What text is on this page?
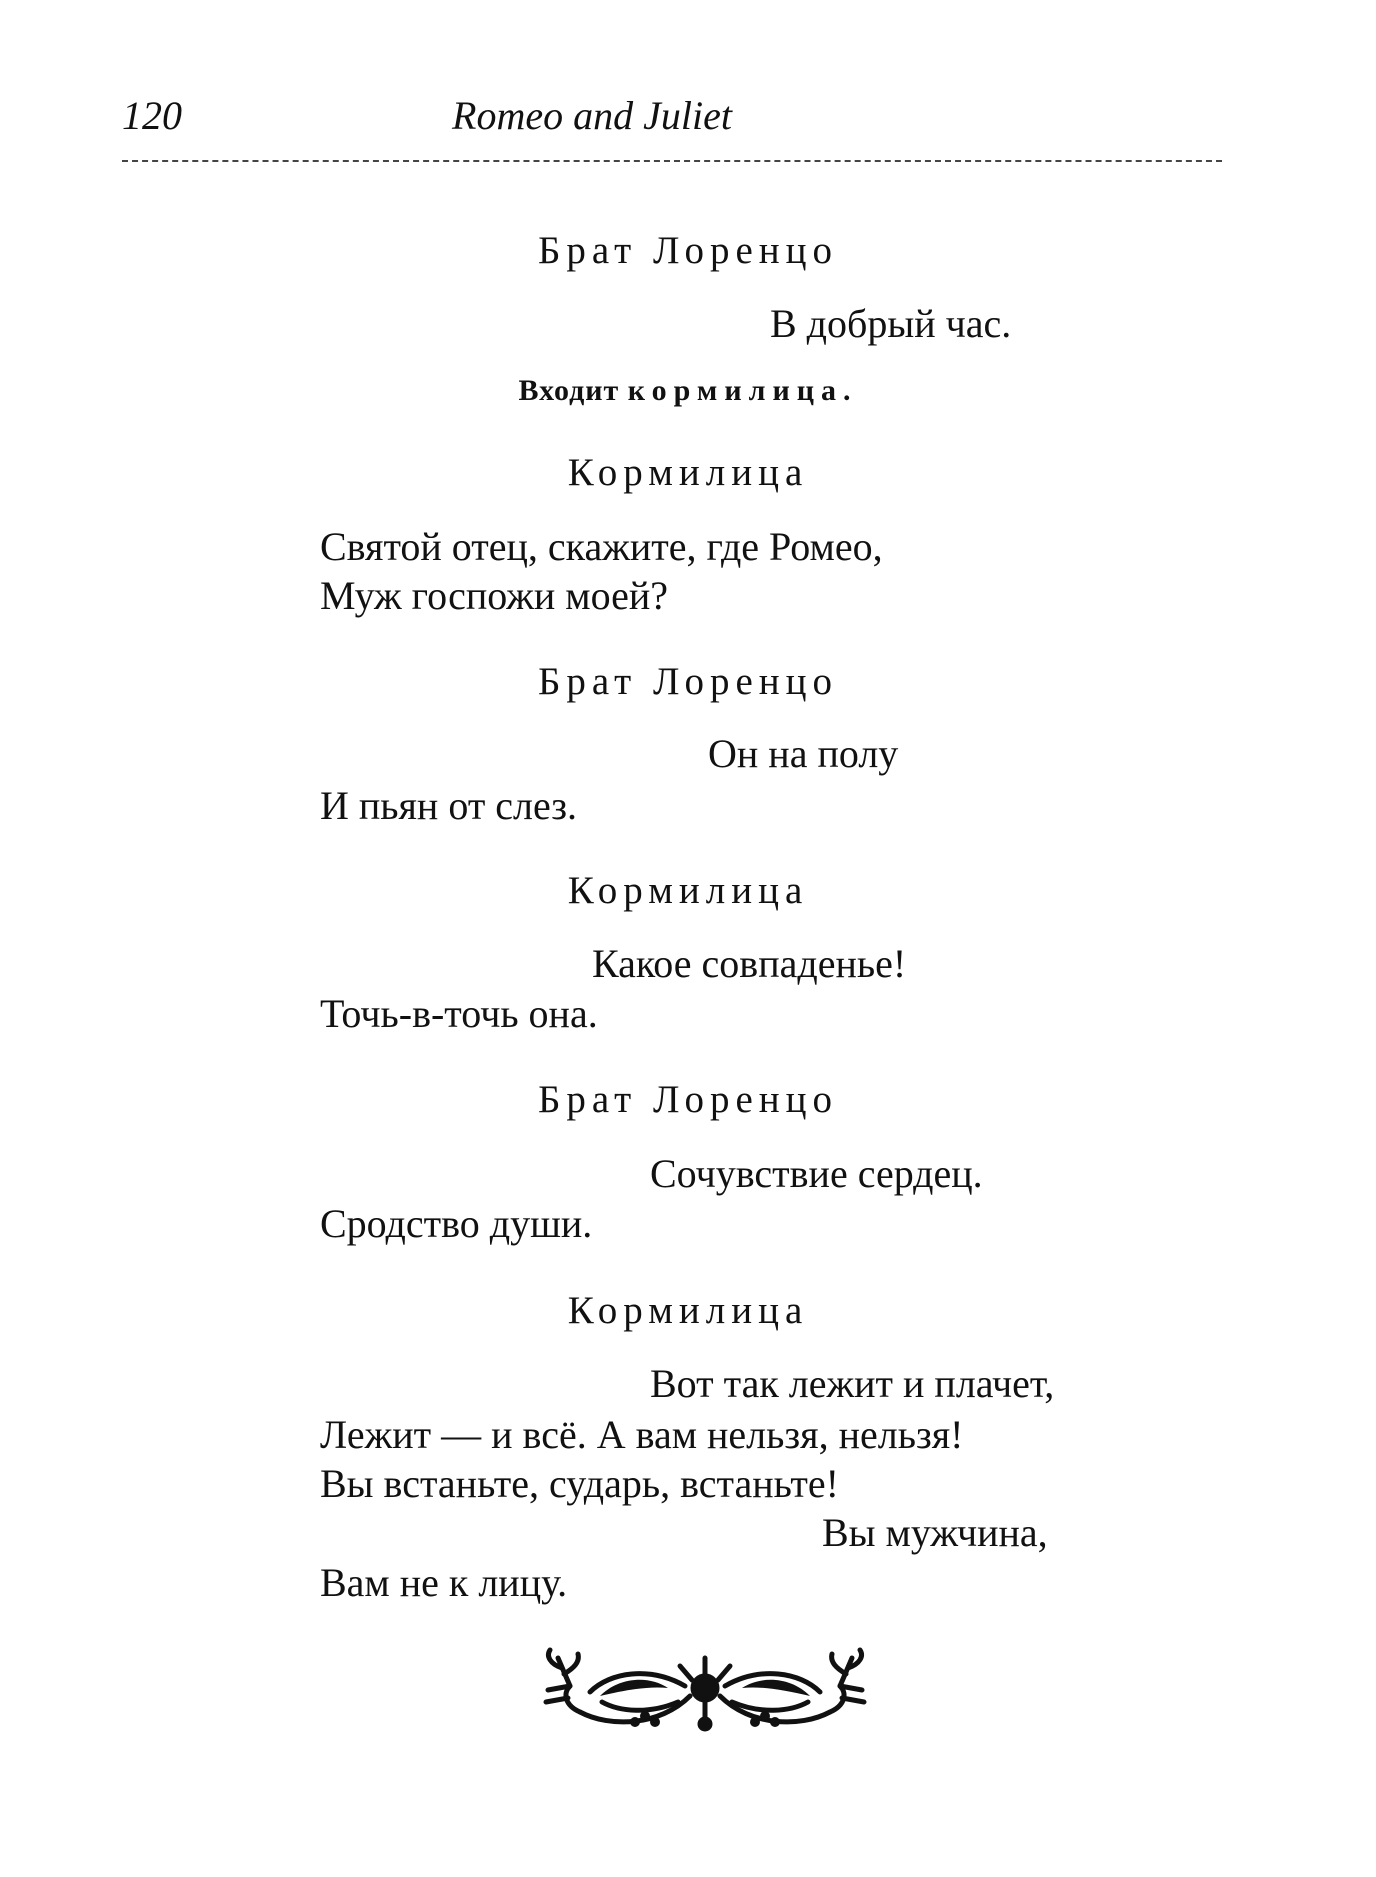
120	Romeo and Juliet
Брат Лоренцо
В добрый час.
Входит кормилица.
Кормилица
Святой отец, скажите, где Ромео,
Муж госпожи моей?
Брат Лоренцо
Он на полу
И пьян от слез.
Кормилица
Какое совпаденье!
Точь-в-точь она.
Брат Лоренцо
Сочувствие сердец.
Сродство души.
Кормилица
Вот так лежит и плачет,
Лежит — и всё. А вам нельзя, нельзя!
Вы встаньте, сударь, встаньте!
Вы мужчина,
Вам не к лицу.
